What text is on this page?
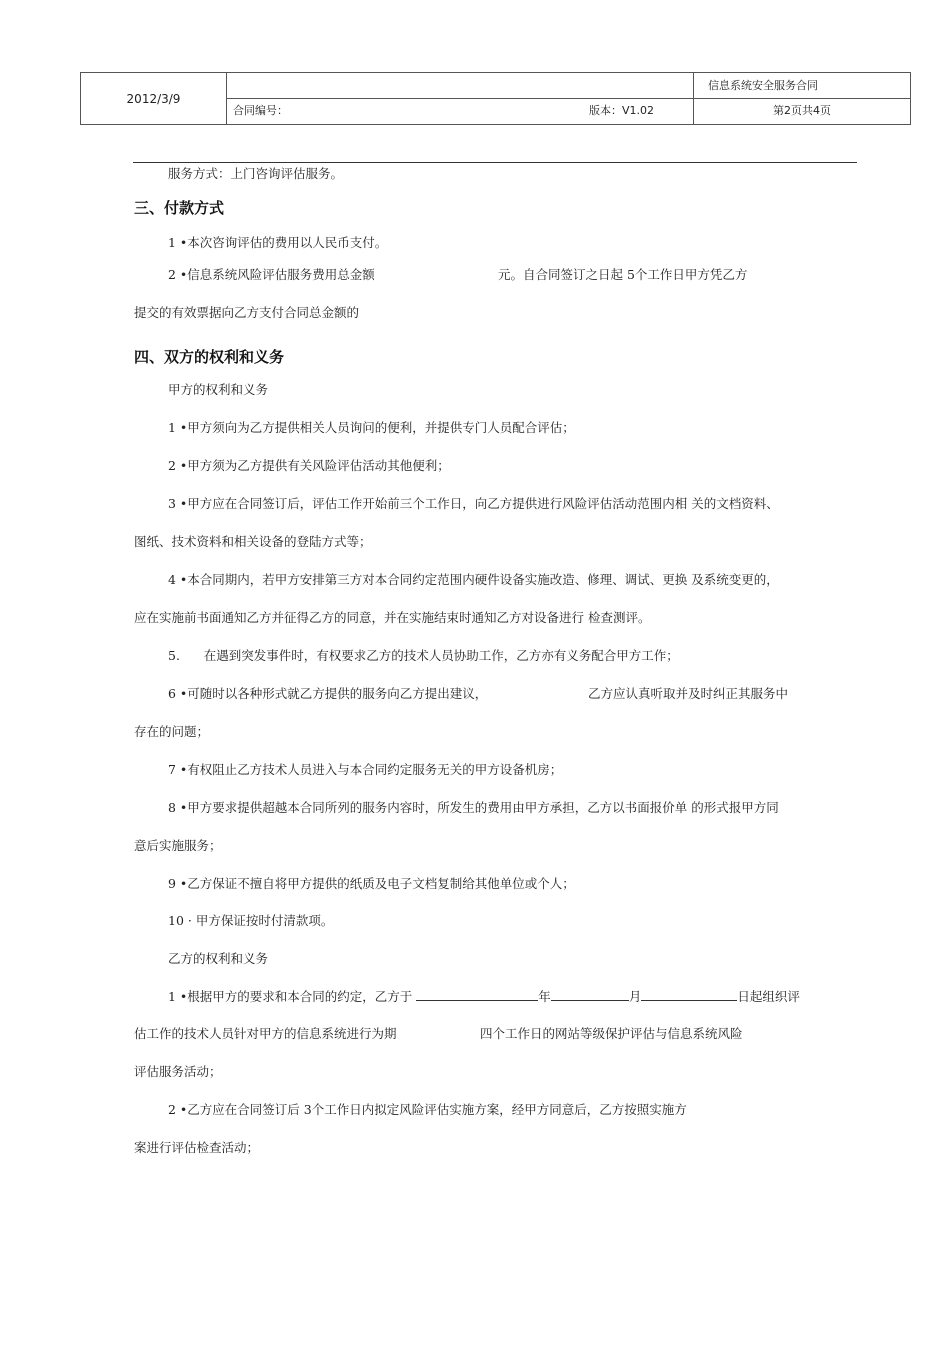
2012/3/9
信息系统安全服务合同
合同编号：	版本：V1.02	第2页共4页
服务方式：上门咨询评估服务。
三、付款方式
1 •本次咨询评估的费用以人民币支付。
2 •信息系统风险评估服务费用总金额	元。自合同签订之日起 5个工作日甲方凭乙方
提交的有效票据向乙方支付合同总金额的
四、双方的权利和义务
甲方的权利和义务
1 •甲方须向为乙方提供相关人员询问的便利，并提供专门人员配合评估；
2 •甲方须为乙方提供有关风险评估活动其他便利；
3 •甲方应在合同签订后，评估工作开始前三个工作日，向乙方提供进行风险评估活动范围内相 关的文档资料、
图纸、技术资料和相关设备的登陆方式等；
4 •本合同期内，若甲方安排第三方对本合同约定范围内硬件设备实施改造、修理、调试、更换 及系统变更的，
应在实施前书面通知乙方并征得乙方的同意，并在实施结束时通知乙方对设备进行 检查测评。
5.      在遇到突发事件时，有权要求乙方的技术人员协助工作，乙方亦有义务配合甲方工作；
6 •可随时以各种形式就乙方提供的服务向乙方提出建议，	乙方应认真听取并及时纠正其服务中
存在的问题；
7 •有权阻止乙方技术人员进入与本合同约定服务无关的甲方设备机房；
8 •甲方要求提供超越本合同所列的服务内容时，所发生的费用由甲方承担，乙方以书面报价单 的形式报甲方同
意后实施服务；
9 •乙方保证不擅自将甲方提供的纸质及电子文档复制给其他单位或个人；
10 · 甲方保证按时付清款项。
乙方的权利和义务
1 •根据甲方的要求和本合同的约定，乙方于	年	月	日起组织评
估工作的技术人员针对甲方的信息系统进行为期	四个工作日的网站等级保护评估与信息系统风险
评估服务活动；
2 •乙方应在合同签订后 3个工作日内拟定风险评估实施方案，经甲方同意后，乙方按照实施方
案进行评估检查活动；
